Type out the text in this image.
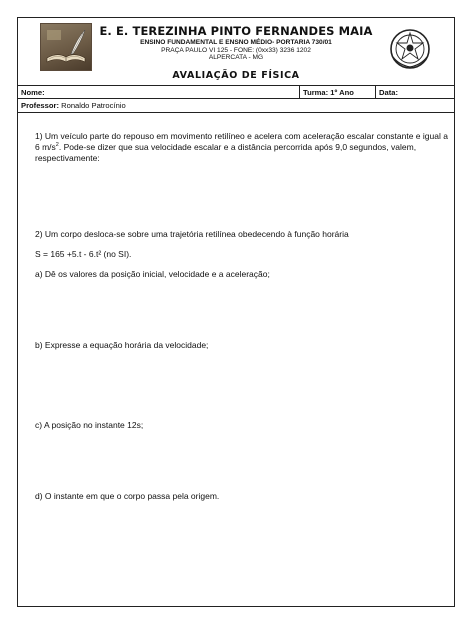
E. E. TEREZINHA PINTO FERNANDES MAIA
ENSINO FUNDAMENTAL E ENSNO MÉDIO- PORTARIA 730/01
PRAÇA PAULO VI 125 - FONE: (0xx33) 3236 1202
ALPERCATA - MG
AVALIAÇÃO DE FÍSICA
Nome:	Turma: 1º Ano	Data:
Professor: Ronaldo Patrocínio
1) Um veículo parte do repouso em movimento retilíneo e acelera com aceleração escalar constante e igual a 6 $m/s^2$. Pode-se dizer que sua velocidade escalar e a distância percorrida após 9,0 segundos, valem, respectivamente:
2) Um corpo desloca-se sobre uma trajetória retilínea obedecendo à função horária
S = 165 +5.t - 6.t² (no SI).
a) Dê os valores da posição inicial, velocidade e a aceleração;
b) Expresse a equação horária da velocidade;
c) A posição no instante 12s;
d) O instante em que o corpo passa pela origem.
